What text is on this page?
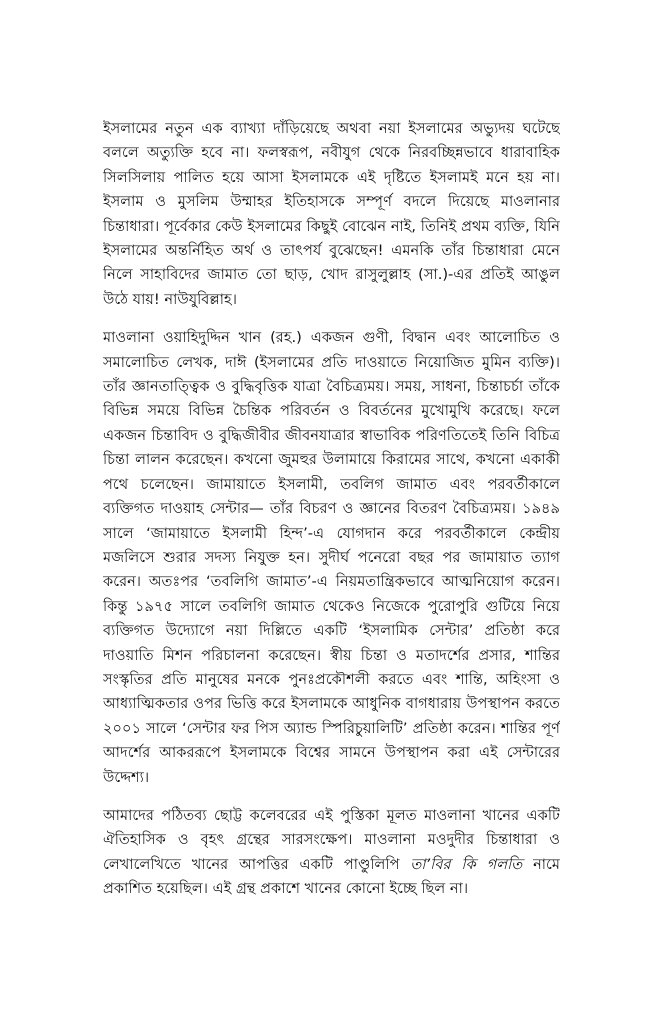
ইসলামের নতুন এক ব্যাখ্যা দাঁড়িয়েছে অথবা নয়া ইসলামের অভ্যুদয় ঘটেছে বললে অত্যুক্তি হবে না। ফলস্বরূপ, নবীযুগ থেকে নিরবচ্ছিন্নভাবে ধারাবাহিক সিলসিলায় পালিত হয়ে আসা ইসলামকে এই দৃষ্টিতে ইসলামই মনে হয় না। ইসলাম ও মুসলিম উম্মাহর ইতিহাসকে সম্পূর্ণ বদলে দিয়েছে মাওলানার চিন্তাধারা। পূর্বেকার কেউ ইসলামের কিছুই বোঝেন নাই, তিনিই প্রথম ব্যক্তি, যিনি ইসলামের অন্তর্নিহিত অর্থ ও তাৎপর্য বুঝেছেন! এমনকি তাঁর চিন্তাধারা মেনে নিলে সাহাবিদের জামাত তো ছাড়, খোদ রাসুলুল্লাহ (সা.)-এর প্রতিই আঙুল উঠে যায়! নাউযুবিল্লাহ।

মাওলানা ওয়াহিদুদ্দিন খান (রহ.) একজন গুণী, বিদ্বান এবং আলোচিত ও সমালোচিত লেখক, দাঈ (ইসলামের প্রতি দাওয়াতে নিয়োজিত মুমিন ব্যক্তি)। তাঁর জ্ঞানতাত্ত্বিক ও বুদ্ধিবৃত্তিক যাত্রা বৈচিত্র্যময়। সময়, সাধনা, চিন্তাচর্চা তাঁকে বিভিন্ন সময়ে বিভিন্ন চৈন্তিক পরিবর্তন ও বিবর্তনের মুখোমুখি করেছে। ফলে একজন চিন্তাবিদ ও বুদ্ধিজীবীর জীবনযাত্রার স্বাভাবিক পরিণতিতেই তিনি বিচিত্র চিন্তা লালন করেছেন। কখনো জুমহুর উলামায়ে কিরামের সাথে, কখনো একাকী পথে চলেছেন। জামায়াতে ইসলামী, তবলিগ জামাত এবং পরবর্তীকালে ব্যক্তিগত দাওয়াহ সেন্টার— তাঁর বিচরণ ও জ্ঞানের বিতরণ বৈচিত্র্যময়। ১৯৪৯ সালে ‘জামায়াতে ইসলামী হিন্দ’-এ যোগদান করে পরবর্তীকালে কেন্দ্রীয় মজলিসে শুরার সদস্য নিযুক্ত হন। সুদীর্ঘ পনেরো বছর পর জামায়াত ত্যাগ করেন। অতঃপর ‘তবলিগি জামাত’-এ নিয়মতান্ত্রিকভাবে আত্মনিয়োগ করেন। কিন্তু ১৯৭৫ সালে তবলিগি জামাত থেকেও নিজেকে পুরোপুরি গুটিয়ে নিয়ে ব্যক্তিগত উদ্যোগে নয়া দিল্লিতে একটি ‘ইসলামিক সেন্টার’ প্রতিষ্ঠা করে দাওয়াতি মিশন পরিচালনা করেছেন। স্বীয় চিন্তা ও মতাদর্শের প্রসার, শান্তির সংস্কৃতির প্রতি মানুষের মনকে পুনঃপ্রকৌশলী করতে এবং শান্তি, অহিংসা ও আধ্যাত্মিকতার ওপর ভিত্তি করে ইসলামকে আধুনিক বাগধারায় উপস্থাপন করতে ২০০১ সালে ‘সেন্টার ফর পিস অ্যান্ড স্পিরিচুয়ালিটি’ প্রতিষ্ঠা করেন। শান্তির পূর্ণ আদর্শের আকররূপে ইসলামকে বিশ্বের সামনে উপস্থাপন করা এই সেন্টারের উদ্দেশ্য।

আমাদের পঠিতব্য ছোট্ট কলেবরের এই পুস্তিকা মূলত মাওলানা খানের একটি ঐতিহাসিক ও বৃহৎ গ্রন্থের সারসংক্ষেপ। মাওলানা মওদুদীর চিন্তাধারা ও লেখালেখিতে খানের আপত্তির একটি পাণ্ডুলিপি তা’বির কি গলতি নামে প্রকাশিত হয়েছিল। এই গ্রন্থ প্রকাশে খানের কোনো ইচ্ছে ছিল না।
